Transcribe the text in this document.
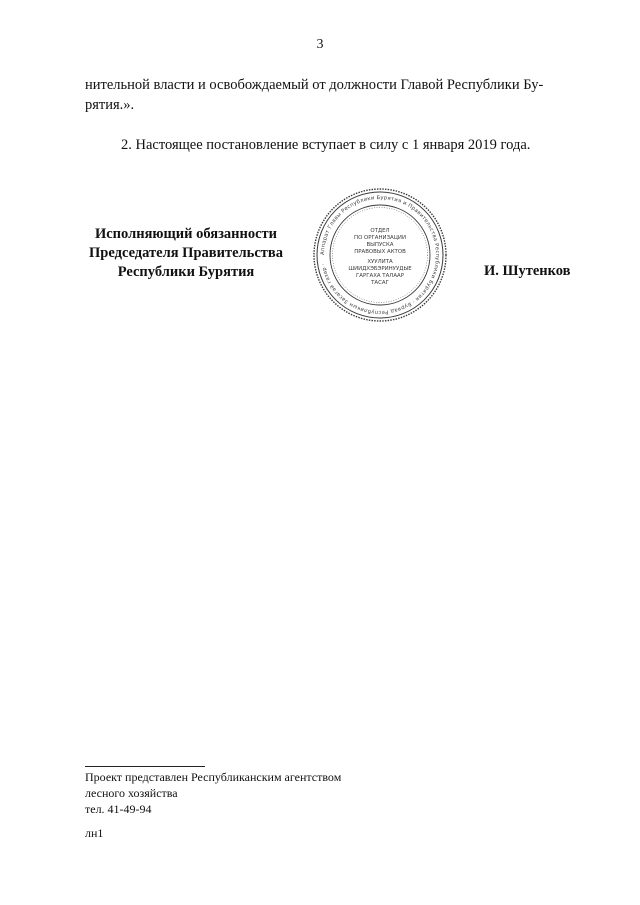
3
нительной власти и освобождаемый от должности Главой Республики Бу-
рятия.».
2. Настоящее постановление вступает в силу с 1 января 2019 года.
Исполняющий обязанности
Председателя Правительства
Республики Бурятия
Аппарат Главы Республики Бурятия и Правительства Республики Бурятия · Буряад Республикын Засагай газар ·
ОТДЕЛ
ПО ОРГАНИЗАЦИИ
ВЫПУСКА
ПРАВОВЫХ АКТОВ
ХУУЛИТА
ШИИДХЭБЭРИНУУДЫЕ
ГАРГАХА ТАЛААР
ТАСАГ
И. Шутенков
Проект представлен Республиканским агентством
лесного хозяйства
тел. 41-49-94
лн1
